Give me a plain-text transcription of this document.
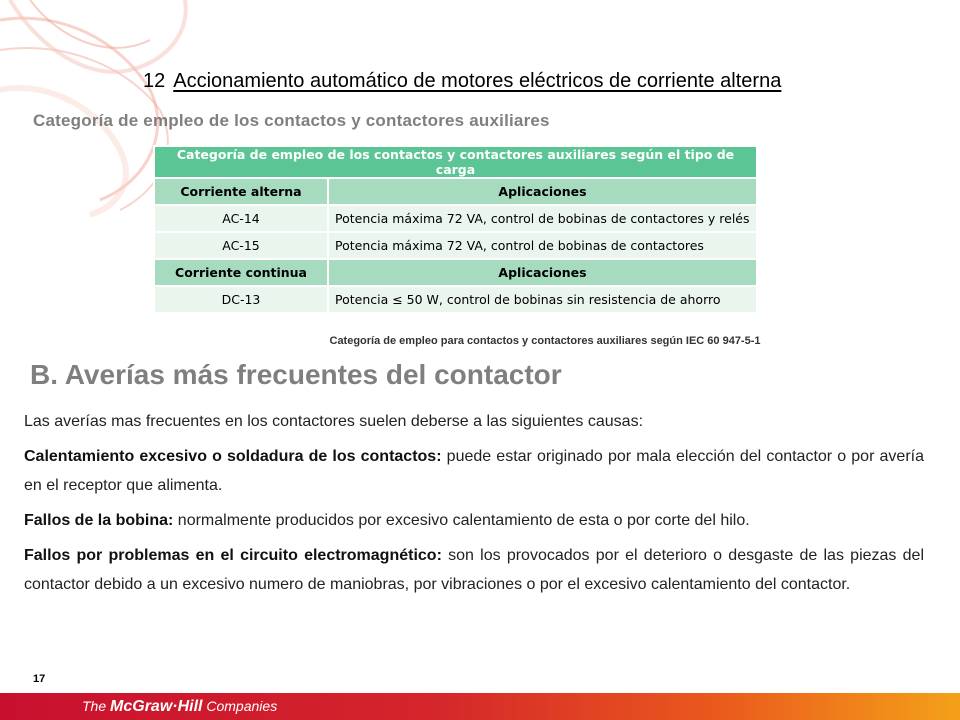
12 Accionamiento automático de motores eléctricos de corriente alterna
Categoría de empleo de los contactos y contactores auxiliares
Categoría de empleo de los contactos y contactores auxiliares según el tipo de carga	
Corriente alterna	Aplicaciones
AC-14	Potencia máxima 72 VA, control de bobinas de contactores y relés
AC-15	Potencia máxima 72 VA, control de bobinas de contactores
Corriente continua	Aplicaciones
DC-13	Potencia ≤ 50 W, control de bobinas sin resistencia de ahorro
Categoría de empleo para contactos y contactores auxiliares según IEC 60 947-5-1
B. Averías más frecuentes del contactor

Las averías mas frecuentes en los contactores suelen deberse a las siguientes causas:

Calentamiento excesivo o soldadura de los contactos: puede estar originado por mala elección del contactor o por avería en el receptor que alimenta.

Fallos de la bobina: normalmente producidos por excesivo calentamiento de esta o por corte del hilo.

Fallos por problemas en el circuito electromagnético: son los provocados por el deterioro o desgaste de las piezas del contactor debido a un excesivo numero de maniobras, por vibraciones o por el excesivo calentamiento del contactor.

17
The McGraw·Hill Companies
